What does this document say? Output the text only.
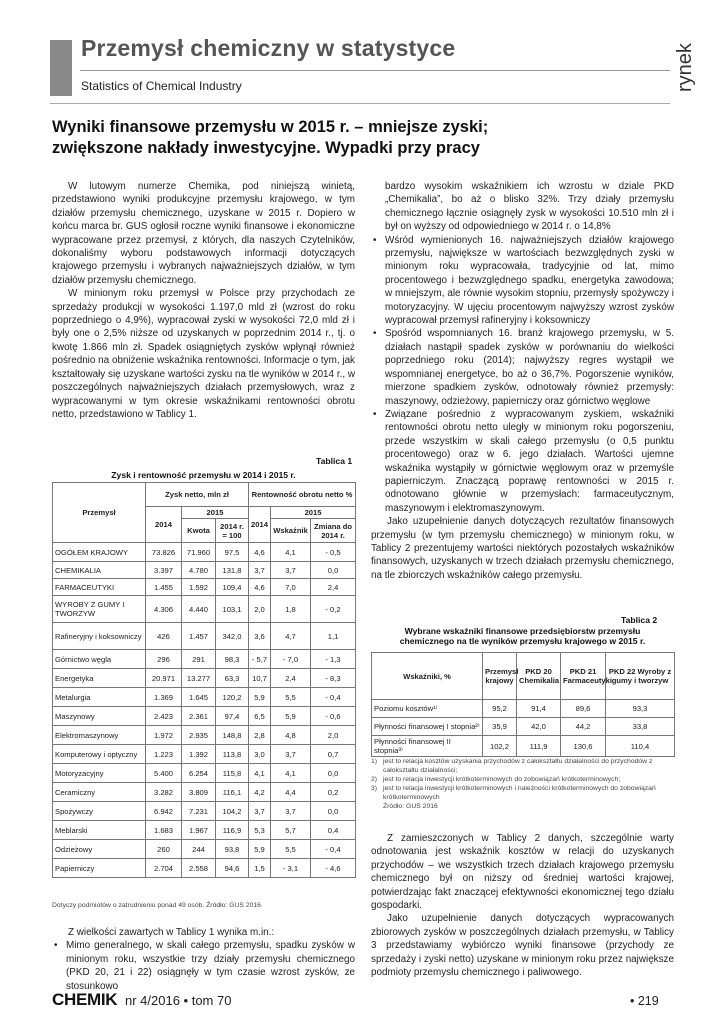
Przemysł chemiczny w statystyce
Statistics of Chemical Industry	rynek
Wyniki finansowe przemysłu w 2015 r. – mniejsze zyski;
zwiększone nakłady inwestycyjne. Wypadki przy pracy

W lutowym numerze Chemika, pod niniejszą winietą, przedstawiono wyniki produkcyjne przemysłu krajowego, w tym działów przemysłu chemicznego, uzyskane w 2015 r. Dopiero w końcu marca br. GUS ogłosił roczne wyniki finansowe i ekonomiczne wypracowane przez przemysł, z których, dla naszych Czytelników, dokonaliśmy wyboru podstawowych informacji dotyczących krajowego przemysłu i wybranych najważniejszych działów, w tym działów przemysłu chemicznego.

W minionym roku przemysł w Polsce przy przychodach ze sprzedaży produkcji w wysokości 1.197,0 mld zł (wzrost do roku poprzedniego o 4,9%), wypracował zyski w wysokości 72,0 mld zł i były one o 2,5% niższe od uzyskanych w poprzednim 2014 r., tj. o kwotę 1.866 mln zł. Spadek osiągniętych zysków wpłynął również pośrednio na obniżenie wskaźnika rentowności. Informacje o tym, jak kształtowały się uzyskane wartości zysku na tle wyników w 2014 r., w poszczególnych najważniejszych działach przemysłowych, wraz z wypracowanymi w tym okresie wskaźnikami rentowności obrotu netto, przedstawiono w Tablicy 1.

Tablica 1
Zysk i rentowność przemysłu w 2014 i 2015 r.
Przemysł	Zysk netto, mln zł			Rentowność obrotu netto %		
	2014	2015		2014	2015	
		Kwota	2014 r. = 100		Wskaźnik	Zmiana do 2014 r.
OGÓŁEM KRAJOWY	73.826	71.960	97,5	4,6	4,1	- 0,5
CHEMIKALIA	3.397	4.780	131,8	3,7	3,7	0,0
FARMACEUTYKI	1.455	1.592	109,4	4,6	7,0	2,4
WYROBY Z GUMY I TWORZYW	4.306	4.440	103,1	2,0	1,8	- 0,2
Rafineryjny i koksowniczy	426	1.457	342,0	3,6	4,7	1,1
Górnictwo węgla	296	291	98,3	- 5,7	- 7,0	- 1,3
Energetyka	20.971	13.277	63,3	10,7	2,4	- 8,3
Metalurgia	1.369	1.645	120,2	5,9	5,5	- 0,4
Maszynowy	2.423	2.361	97,4	6,5	5,9	- 0,6
Elektromaszynowy	1.972	2.935	148,8	2,8	4,8	2,0
Komputerowy i optyczny	1.223	1.392	113,8	3,0	3,7	0,7
Motoryzacyjny	5.400	6.254	115,8	4,1	4,1	0,0
Ceramiczny	3.282	3.809	116,1	4,2	4,4	0,2
Spożywczy	6.942	7.231	104,2	3,7	3,7	0,0
Meblarski	1.683	1.967	116,9	5,3	5,7	0,4
Odzieżowy	260	244	93,8	5,9	5,5	- 0,4
Papierniczy	2.704	2.558	94,6	1,5	- 3,1	- 4,6
Dotyczy podmiotów o zatrudnieniu ponad 49 osób. Źródło: GUS 2016

Z wielkości zawartych w Tablicy 1 wynika m.in.:

• Mimo generalnego, w skali całego przemysłu, spadku zysków w minionym roku, wszystkie trzy działy przemysłu chemicznego (PKD 20, 21 i 22) osiągnęły w tym czasie wzrost zysków, ze stosunkowo

bardzo wysokim wskaźnikiem ich wzrostu w dziale PKD „Chemikalia”, bo aż o blisko 32%. Trzy działy przemysłu chemicznego łącznie osiągnęły zysk w wysokości 10.510 mln zł i był on wyższy od odpowiedniego w 2014 r. o 14,8%

• Wśród wymienionych 16. najważniejszych działów krajowego przemysłu, największe w wartościach bezwzględnych zyski w minionym roku wypracowała, tradycyjnie od lat, mimo procentowego i bezwzględnego spadku, energetyka zawodowa; w mniejszym, ale równie wysokim stopniu, przemysły spożywczy i motoryzacyjny. W ujęciu procentowym najwyższy wzrost zysków wypracował przemysł rafineryjny i koksowniczy
• Spośród wspomnianych 16. branż krajowego przemysłu, w 5. działach nastąpił spadek zysków w porównaniu do wielkości poprzedniego roku (2014); najwyższy regres wystąpił we wspomnianej energetyce, bo aż o 36,7%. Pogorszenie wyników, mierzone spadkiem zysków, odnotowały również przemysły: maszynowy, odzieżowy, papierniczy oraz górnictwo węglowe
• Związane pośrednio z wypracowanym zyskiem, wskaźniki rentowności obrotu netto uległy w minionym roku pogorszeniu, przede wszystkim w skali całego przemysłu (o 0,5 punktu procentowego) oraz w 6. jego działach. Wartości ujemne wskaźnika wystąpiły w górnictwie węglowym oraz w przemyśle papierniczym. Znaczącą poprawę rentowności w 2015 r. odnotowano głównie w przemysłach: farmaceutycznym, maszynowym i elektromaszynowym.

Jako uzupełnienie danych dotyczących rezultatów finansowych przemysłu (w tym przemysłu chemicznego) w minionym roku, w Tablicy 2 prezentujemy wartości niektórych pozostałych wskaźników finansowych, uzyskanych w trzech działach przemysłu chemicznego, na tle zbiorczych wskaźników całego przemysłu.

Tablica 2
Wybrane wskaźniki finansowe przedsiębiorstw przemysłu
chemicznego na tle wyników przemysłu krajowego w 2015 r.
Wskaźniki, %	Przemysł krajowy	PKD 20 Chemikalia	PKD 21 Farmaceutyki	PKD 22 Wyroby z gumy i tworzyw
Poziomu kosztów¹⁾	95,2	91,4	89,6	93,3
Płynności finansowej I stopnia²⁾	35,9	42,0	44,2	33,8
Płynności finansowej II stopnia³⁾	102,2	111,9	130,6	110,4
1) jest to relacja kosztów uzyskania przychodów z całokształtu działalności do przychodów z całokształtu działalności;
2) jest to relacja inwestycji krótkoterminowych do zobowiązań krótkoterminowych;
3) jest to relacja inwestycji krótkoterminowych i należności krótkoterminowych do zobowiązań krótkoterminowych
Źródło: GUS 2016

Z zamieszczonych w Tablicy 2 danych, szczególnie warty odnotowania jest wskaźnik kosztów w relacji do uzyskanych przychodów – we wszystkich trzech działach krajowego przemysłu chemicznego był on niższy od średniej wartości krajowej, potwierdzając fakt znaczącej efektywności ekonomicznej tego działu gospodarki.

Jako uzupełnienie danych dotyczących wypracowanych zbiorowych zysków w poszczególnych działach przemysłu, w Tablicy 3 przedstawiamy wybiórczo wyniki finansowe (przychody ze sprzedaży i zyski netto) uzyskane w minionym roku przez największe podmioty przemysłu chemicznego i paliwowego.

CHEMIK nr 4/2016 • tom 70	• 219
